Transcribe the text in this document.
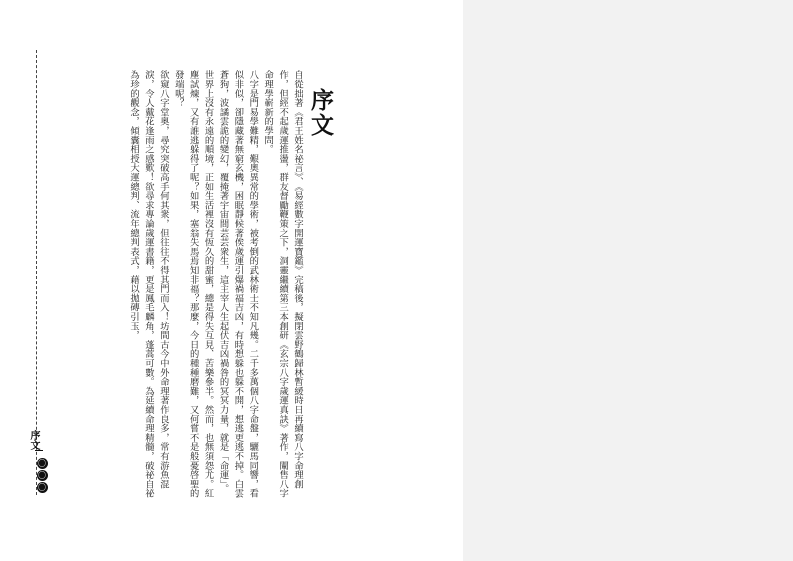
序文

自從拙著《君王姓名祕言》、《易經數字開運寶鑑》完稿後，擬閉雲野鶴歸林暫緩時日再續寫八字命理創作，但經不起歲運推盪，群友督勵鞭策之下，洞靈繼續第三本創研《玄宗八字歲運真訣》著作，闡售八字命理學嶄新的學問。

八字是門易學難精，艱奧異常的學術，被考倒的武林術士不知凡幾。二千多萬個八字命盤，驪馬同響，看似非似，卻隱藏著無窮玄機，困眠靜候著俟歲運引爆禍福吉凶，有時想躲也躲不開，想逃更逃不掉。白雲蒼狗，波譎雲詭的變幻，覆掩著宇宙間芸芸衆生，這主宰人生起伏吉凶禍咎的冥冥力量，就是「命運」。世界上沒有永遠的順境，正如生活裡沒有恆久的甜蜜，總是得失互見、苦樂參半。然而，也無須怨尤。紅塵試煉，又有誰逃躲得了呢？如果，塞翁失馬焉知非福？那麼，今日的種種磨難，又何嘗不是般憂啓聖的發端呢？

欲窺八字堂奧，尋究突破高手何其衆，但往往不得其門而入！坊間古今中外命理著作良多，常有游魚混淚，令人戴花逢雨之感歎！欲尋求專論歲運書籍，更是鳳毛麟角，蓬蒿可數。為延續命理精髓，破祕自祕為珍的觀念，傾囊相授大運總判、流年總判表式，藉以拋磚引玉，

序文
〇
〇
〇
